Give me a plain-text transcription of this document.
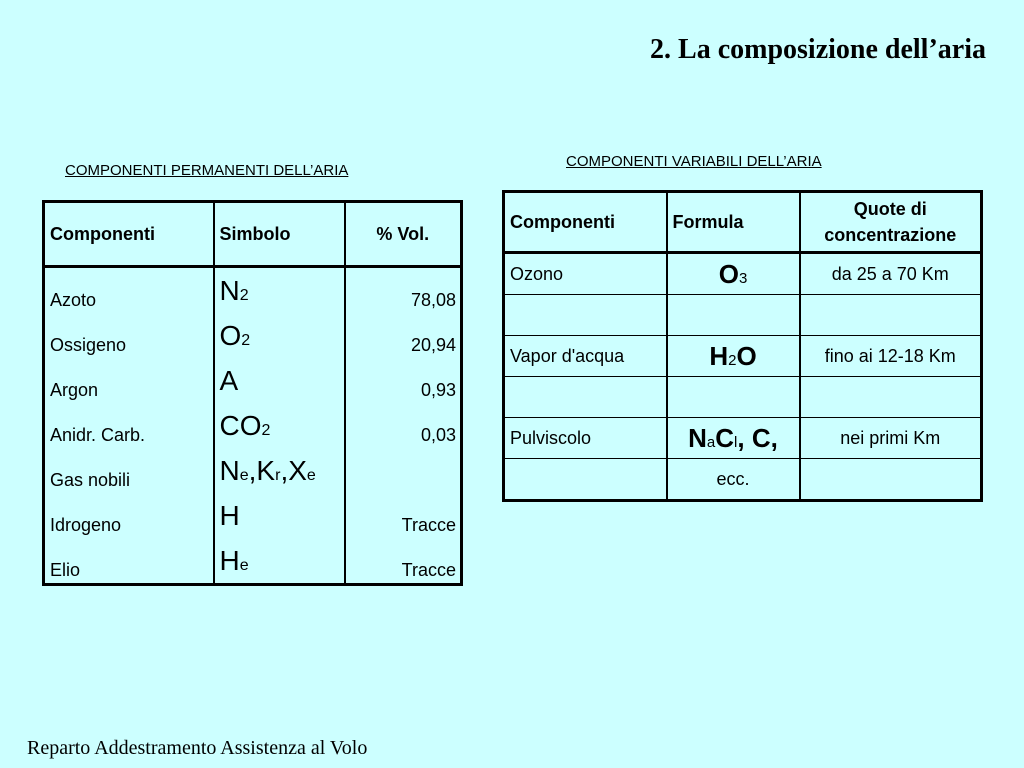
2. La composizione dell’aria
COMPONENTI PERMANENTI DELL’ARIA
COMPONENTI VARIABILI DELL’ARIA
Componenti	Simbolo	% Vol.
Azoto	N2	78,08
Ossigeno	O2	20,94
Argon	A	0,93
Anidr. Carb.	CO2	0,03
Gas nobili	Ne,Kr,Xe	
Idrogeno	H	Tracce
Elio	He	Tracce
Componenti	Formula	Quote di
concentrazione
Ozono	O3	da 25 a 70 Km

Vapor d'acqua	H2O	fino ai 12-18 Km

Pulviscolo	NaCl, C,	nei primi Km
	ecc.	
Reparto Addestramento Assistenza al Volo
